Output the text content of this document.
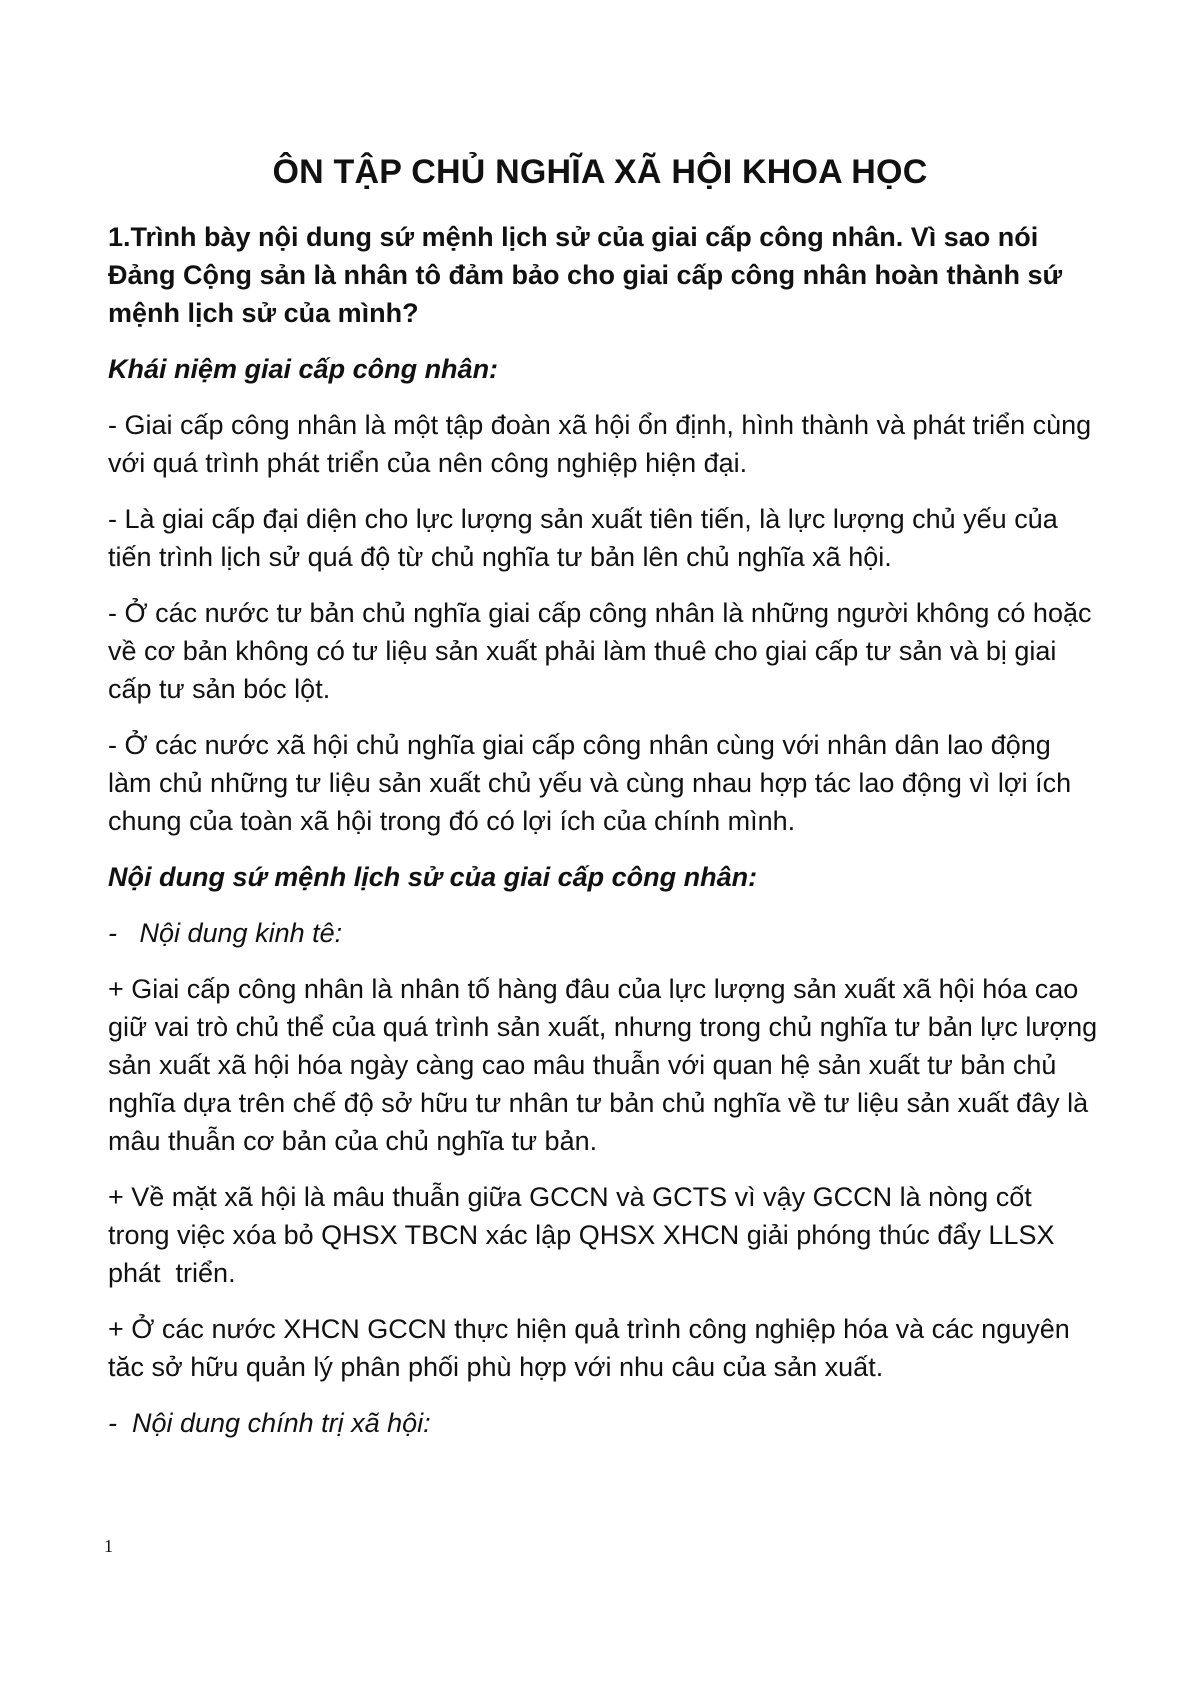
ÔN TẬP CHỦ NGHĨA XÃ HỘI KHOA HỌC

1.Trình bày nội dung sứ mệnh lịch sử của giai cấp công nhân. Vì sao nói Đảng Cộng sản là nhân tô đảm bảo cho giai cấp công nhân hoàn thành sứ mệnh lịch sử của mình?

Khái niệm giai cấp công nhân:

- Giai cấp công nhân là một tập đoàn xã hội ổn định, hình thành và phát triển cùng với quá trình phát triển của nên công nghiệp hiện đại.

- Là giai cấp đại diện cho lực lượng sản xuất tiên tiến, là lực lượng chủ yếu của tiến trình lịch sử quá độ từ chủ nghĩa tư bản lên chủ nghĩa xã hội.

- Ở các nước tư bản chủ nghĩa giai cấp công nhân là những người không có hoặc về cơ bản không có tư liệu sản xuất phải làm thuê cho giai cấp tư sản và bị giai cấp tư sản bóc lột.

- Ở các nước xã hội chủ nghĩa giai cấp công nhân cùng với nhân dân lao động làm chủ những tư liệu sản xuất chủ yếu và cùng nhau hợp tác lao động vì lợi ích chung của toàn xã hội trong đó có lợi ích của chính mình.

Nội dung sứ mệnh lịch sử của giai cấp công nhân:

-   Nội dung kinh tê:

+ Giai cấp công nhân là nhân tố hàng đâu của lực lượng sản xuất xã hội hóa cao giữ vai trò chủ thể của quá trình sản xuất, nhưng trong chủ nghĩa tư bản lực lượng sản xuất xã hội hóa ngày càng cao mâu thuẫn với quan hệ sản xuất tư bản chủ nghĩa dựa trên chế độ sở hữu tư nhân tư bản chủ nghĩa về tư liệu sản xuất đây là mâu thuẫn cơ bản của chủ nghĩa tư bản.

+ Về mặt xã hội là mâu thuẫn giữa GCCN và GCTS vì vậy GCCN là nòng cốt trong việc xóa bỏ QHSX TBCN xác lập QHSX XHCN giải phóng thúc đẩy LLSX phát  triển.

+ Ở các nước XHCN GCCN thực hiện quả trình công nghiệp hóa và các nguyên tăc sở hữu quản lý phân phối phù hợp với nhu câu của sản xuất.

-  Nội dung chính trị xã hội:

1
